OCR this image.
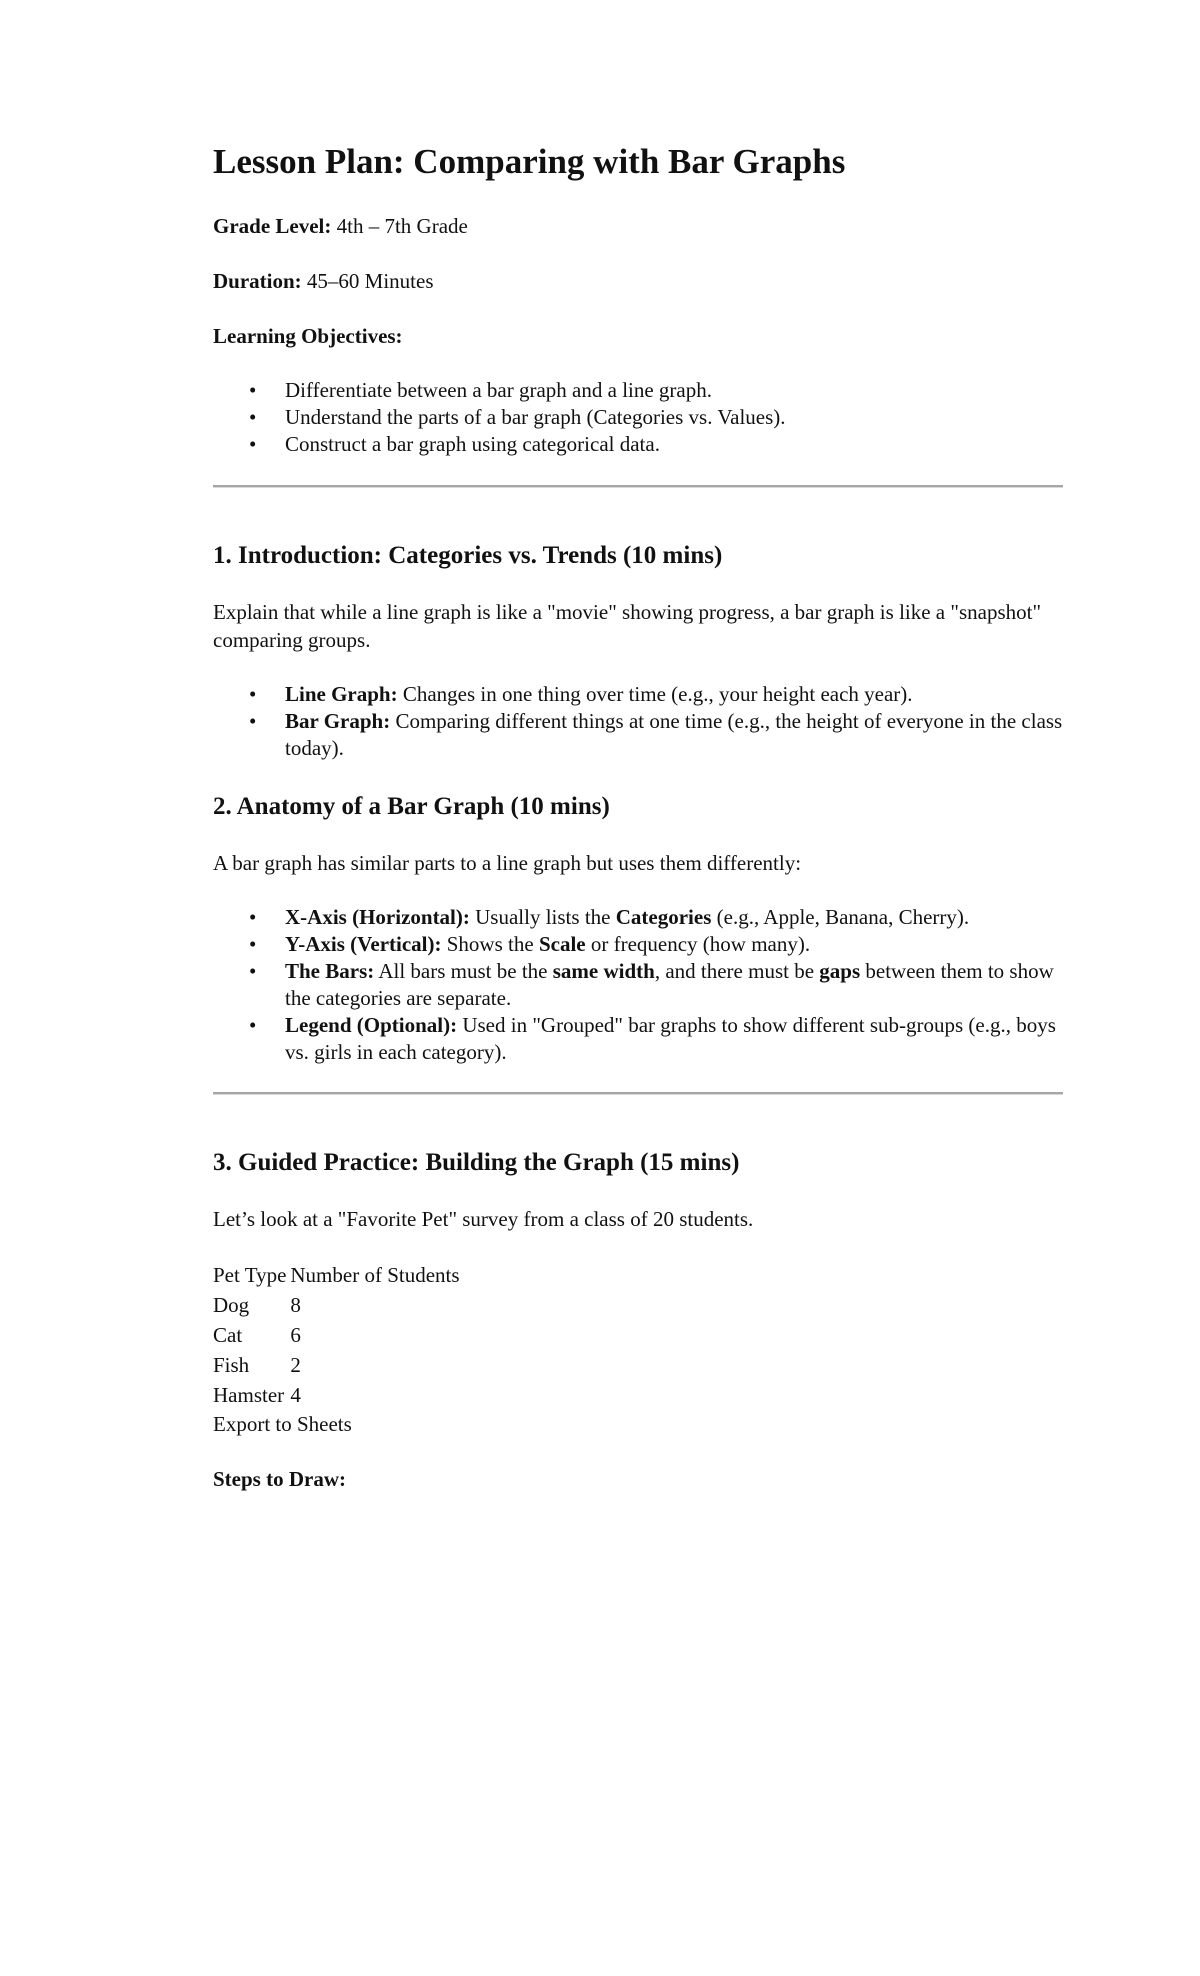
Lesson Plan: Comparing with Bar Graphs

Grade Level: 4th – 7th Grade

Duration: 45–60 Minutes

Learning Objectives:

• Differentiate between a bar graph and a line graph.
• Understand the parts of a bar graph (Categories vs. Values).
• Construct a bar graph using categorical data.
1. Introduction: Categories vs. Trends (10 mins)

Explain that while a line graph is like a "movie" showing progress, a bar graph is like a "snapshot" comparing groups.

• Line Graph: Changes in one thing over time (e.g., your height each year).
• Bar Graph: Comparing different things at one time (e.g., the height of everyone in the class today).
2. Anatomy of a Bar Graph (10 mins)

A bar graph has similar parts to a line graph but uses them differently:

• X-Axis (Horizontal): Usually lists the Categories (e.g., Apple, Banana, Cherry).
• Y-Axis (Vertical): Shows the Scale or frequency (how many).
• The Bars: All bars must be the same width, and there must be gaps between them to show the categories are separate.
• Legend (Optional): Used in "Grouped" bar graphs to show different sub-groups (e.g., boys vs. girls in each category).
3. Guided Practice: Building the Graph (15 mins)

Let’s look at a "Favorite Pet" survey from a class of 20 students.

Pet Type	Number of Students
Dog	8
Cat	6
Fish	2
Hamster	4

Export to Sheets

Steps to Draw:
